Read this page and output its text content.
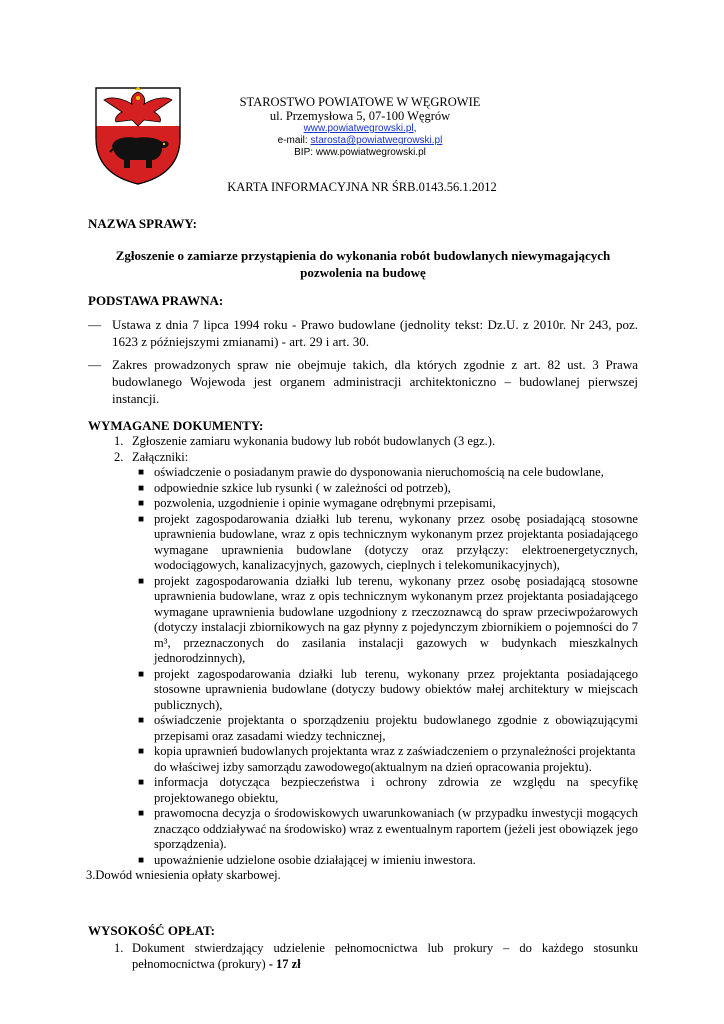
STAROSTWO POWIATOWE W WĘGROWIE
ul. Przemysłowa 5, 07-100 Węgrów
www.powiatwegrowski.pl,
e-mail: starosta@powiatwegrowski.pl
BIP: www.powiatwegrowski.pl
KARTA INFORMACYJNA NR ŚRB.0143.56.1.2012
NAZWA SPRAWY:
Zgłoszenie o zamiarze przystąpienia do wykonania robót budowlanych niewymagających pozwolenia na budowę
PODSTAWA PRAWNA:
— Ustawa z dnia 7 lipca 1994 roku - Prawo budowlane (jednolity tekst: Dz.U. z 2010r. Nr 243, poz. 1623 z późniejszymi zmianami) - art. 29 i art. 30.
— Zakres prowadzonych spraw nie obejmuje takich, dla których zgodnie z art. 82 ust. 3 Prawa budowlanego Wojewoda jest organem administracji architektoniczno – budowlanej pierwszej instancji.
WYMAGANE DOKUMENTY:
1. Zgłoszenie zamiaru wykonania budowy lub robót budowlanych (3 egz.).
2. Załączniki:
■ oświadczenie o posiadanym prawie do dysponowania nieruchomością na cele budowlane,
■ odpowiednie szkice lub rysunki ( w zależności od potrzeb),
■ pozwolenia, uzgodnienie i opinie wymagane odrębnymi przepisami,
■ projekt zagospodarowania działki lub terenu, wykonany przez osobę posiadającą stosowne uprawnienia budowlane, wraz z opis technicznym wykonanym przez projektanta posiadającego wymagane uprawnienia budowlane (dotyczy oraz przyłączy: elektroenergetycznych, wodociągowych, kanalizacyjnych, gazowych, cieplnych i telekomunikacyjnych),
■ projekt zagospodarowania działki lub terenu, wykonany przez osobę posiadającą stosowne uprawnienia budowlane, wraz z opis technicznym wykonanym przez projektanta posiadającego wymagane uprawnienia budowlane uzgodniony z rzeczoznawcą do spraw przeciwpożarowych (dotyczy instalacji zbiornikowych na gaz płynny z pojedynczym zbiornikiem o pojemności do 7 m³, przeznaczonych do zasilania instalacji gazowych w budynkach mieszkalnych jednorodzinnych),
■ projekt zagospodarowania działki lub terenu, wykonany przez projektanta posiadającego stosowne uprawnienia budowlane (dotyczy budowy obiektów małej architektury w miejscach publicznych),
■ oświadczenie projektanta o sporządzeniu projektu budowlanego zgodnie z obowiązującymi przepisami oraz zasadami wiedzy technicznej,
■ kopia uprawnień budowlanych projektanta wraz z zaświadczeniem o przynależności projektanta
do właściwej izby samorządu zawodowego(aktualnym na dzień opracowania projektu).
■ informacja dotycząca bezpieczeństwa i ochrony zdrowia ze względu na specyfikę projektowanego obiektu,
■ prawomocna decyzja o środowiskowych uwarunkowaniach (w przypadku inwestycji mogących znacząco oddziaływać na środowisko) wraz z ewentualnym raportem (jeżeli jest obowiązek jego sporządzenia).
■ upoważnienie udzielone osobie działającej w imieniu inwestora.
3.Dowód wniesienia opłaty skarbowej.
WYSOKOŚĆ OPŁAT:
1. Dokument stwierdzający udzielenie pełnomocnictwa lub prokury – do każdego stosunku pełnomocnictwa (prokury) - 17 zł
